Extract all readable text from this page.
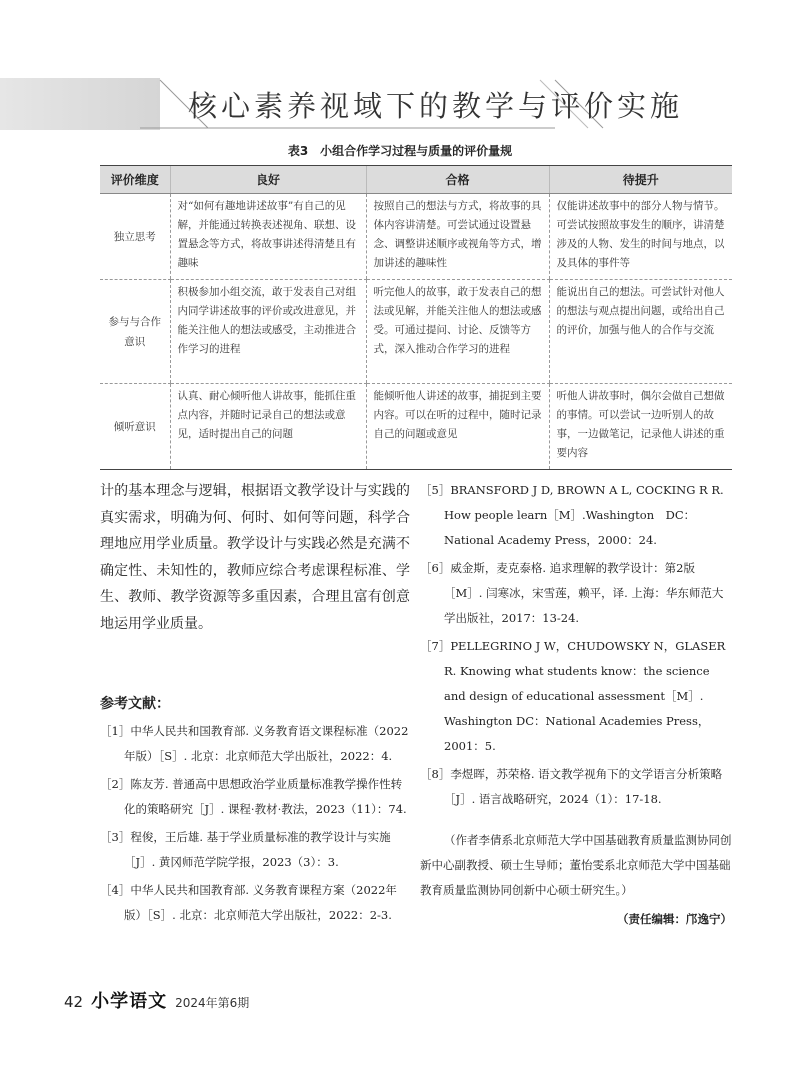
核心素养视域下的教学与评价实施
表3　小组合作学习过程与质量的评价量规
评价维度	良好	合格	待提升
独立思考	对“如何有趣地讲述故事”有自己的见解，并能通过转换表述视角、联想、设置悬念等方式，将故事讲述得清楚且有趣味	按照自己的想法与方式，将故事的具体内容讲清楚。可尝试通过设置悬念、调整讲述顺序或视角等方式，增加讲述的趣味性	仅能讲述故事中的部分人物与情节。可尝试按照故事发生的顺序，讲清楚涉及的人物、发生的时间与地点，以及具体的事件等
参与与合作意识	积极参加小组交流，敢于发表自己对组内同学讲述故事的评价或改进意见，并能关注他人的想法或感受，主动推进合作学习的进程	听完他人的故事，敢于发表自己的想法或见解，并能关注他人的想法或感受。可通过提问、讨论、反馈等方式，深入推动合作学习的进程	能说出自己的想法。可尝试针对他人的想法与观点提出问题，或给出自己的评价，加强与他人的合作与交流
倾听意识	认真、耐心倾听他人讲故事，能抓住重点内容，并随时记录自己的想法或意见，适时提出自己的问题	能倾听他人讲述的故事，捕捉到主要内容。可以在听的过程中，随时记录自己的问题或意见	听他人讲故事时，偶尔会做自己想做的事情。可以尝试一边听别人的故事，一边做笔记，记录他人讲述的重要内容

计的基本理念与逻辑，根据语文教学设计与实践的真实需求，明确为何、何时、如何等问题，科学合理地应用学业质量。教学设计与实践必然是充满不确定性、未知性的，教师应综合考虑课程标准、学生、教师、教学资源等多重因素，合理且富有创意地运用学业质量。

参考文献：

［1］中华人民共和国教育部. 义务教育语文课程标准（2022年版）［S］. 北京：北京师范大学出版社，2022：4.

［2］陈友芳. 普通高中思想政治学业质量标准教学操作性转化的策略研究［J］. 课程·教材·教法，2023（11）：74.

［3］程俊，王后雄. 基于学业质量标准的教学设计与实施［J］. 黄冈师范学院学报，2023（3）：3.

［4］中华人民共和国教育部. 义务教育课程方案（2022年版）［S］. 北京：北京师范大学出版社，2022：2-3.

［5］BRANSFORD J D, BROWN A L, COCKING R R. How people learn［M］.Washington　DC：National Academy Press，2000：24.

［6］威金斯，麦克泰格. 追求理解的教学设计：第2版［M］. 闫寒冰，宋雪莲，赖平，译. 上海：华东师范大学出版社，2017：13-24.

［7］PELLEGRINO J W，CHUDOWSKY N，GLASER R. Knowing what students know：the science and design of educational assessment［M］. Washington DC：National Academies Press，2001：5.

［8］李煜晖，苏荣格. 语文教学视角下的文学语言分析策略［J］. 语言战略研究，2024（1）：17-18.

（作者李倩系北京师范大学中国基础教育质量监测协同创新中心副教授、硕士生导师；董怡雯系北京师范大学中国基础教育质量监测协同创新中心硕士研究生。）

（责任编辑：邝逸宁）
42 小学语文 2024年第6期
